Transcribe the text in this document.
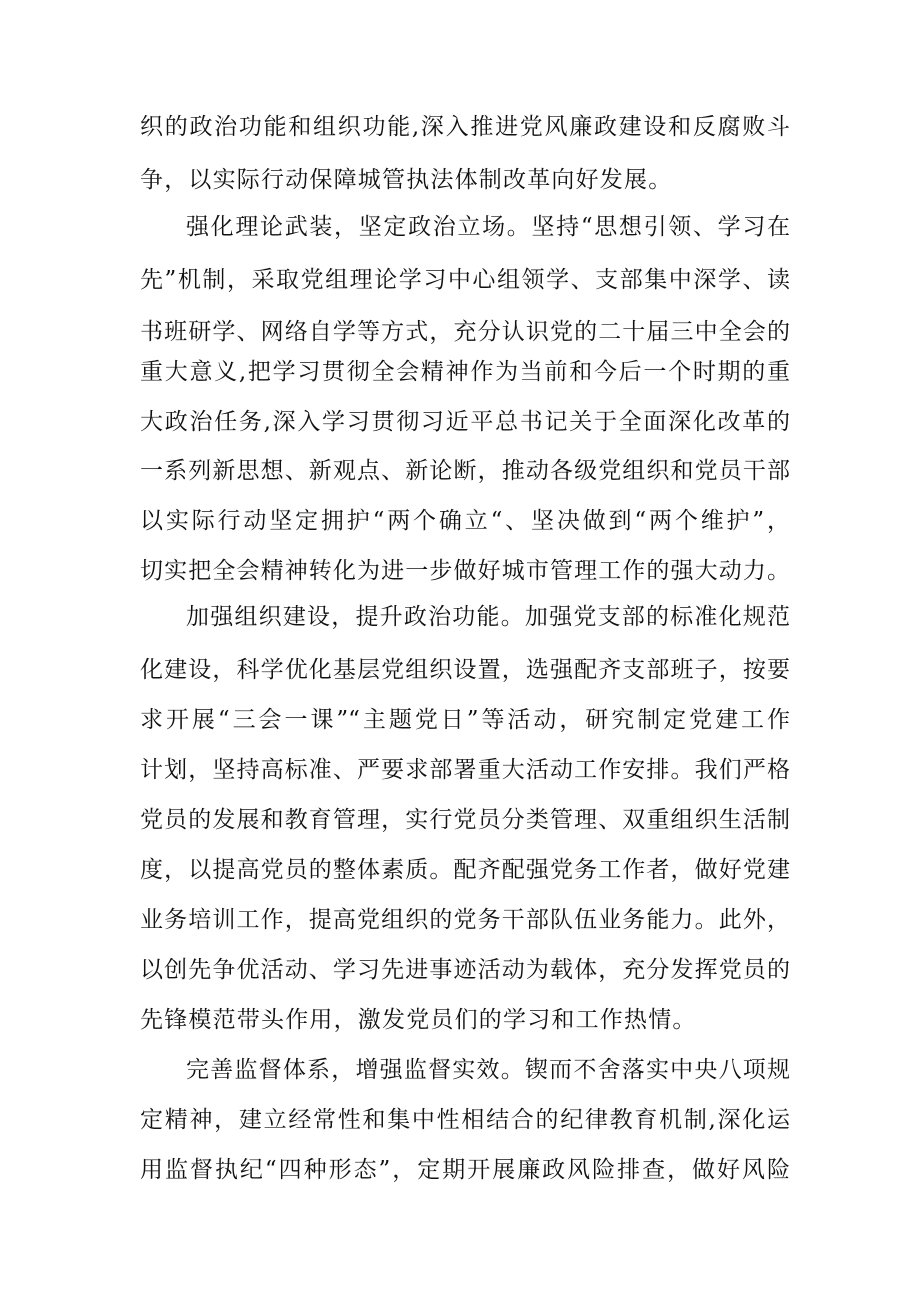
织的政治功能和组织功能,深入推进党风廉政建设和反腐败斗

争，以实际行动保障城管执法体制改革向好发展。

强化理论武装，坚定政治立场。坚持“思想引领、学习在

先”机制，采取党组理论学习中心组领学、支部集中深学、读

书班研学、网络自学等方式，充分认识党的二十届三中全会的

重大意义,把学习贯彻全会精神作为当前和今后一个时期的重

大政治任务,深入学习贯彻习近平总书记关于全面深化改革的

一系列新思想、新观点、新论断，推动各级党组织和党员干部

以实际行动坚定拥护“两个确立“、坚决做到“两个维护”，

切实把全会精神转化为进一步做好城市管理工作的强大动力。

加强组织建设，提升政治功能。加强党支部的标准化规范

化建设，科学优化基层党组织设置，选强配齐支部班子，按要

求开展“三会一课”“主题党日”等活动，研究制定党建工作

计划，坚持高标准、严要求部署重大活动工作安排。我们严格

党员的发展和教育管理，实行党员分类管理、双重组织生活制

度，以提高党员的整体素质。配齐配强党务工作者，做好党建

业务培训工作，提高党组织的党务干部队伍业务能力。此外，

以创先争优活动、学习先进事迹活动为载体，充分发挥党员的

先锋模范带头作用，激发党员们的学习和工作热情。

完善监督体系，增强监督实效。锲而不舍落实中央八项规

定精神，建立经常性和集中性相结合的纪律教育机制,深化运

用监督执纪“四种形态”，定期开展廉政风险排查，做好风险
